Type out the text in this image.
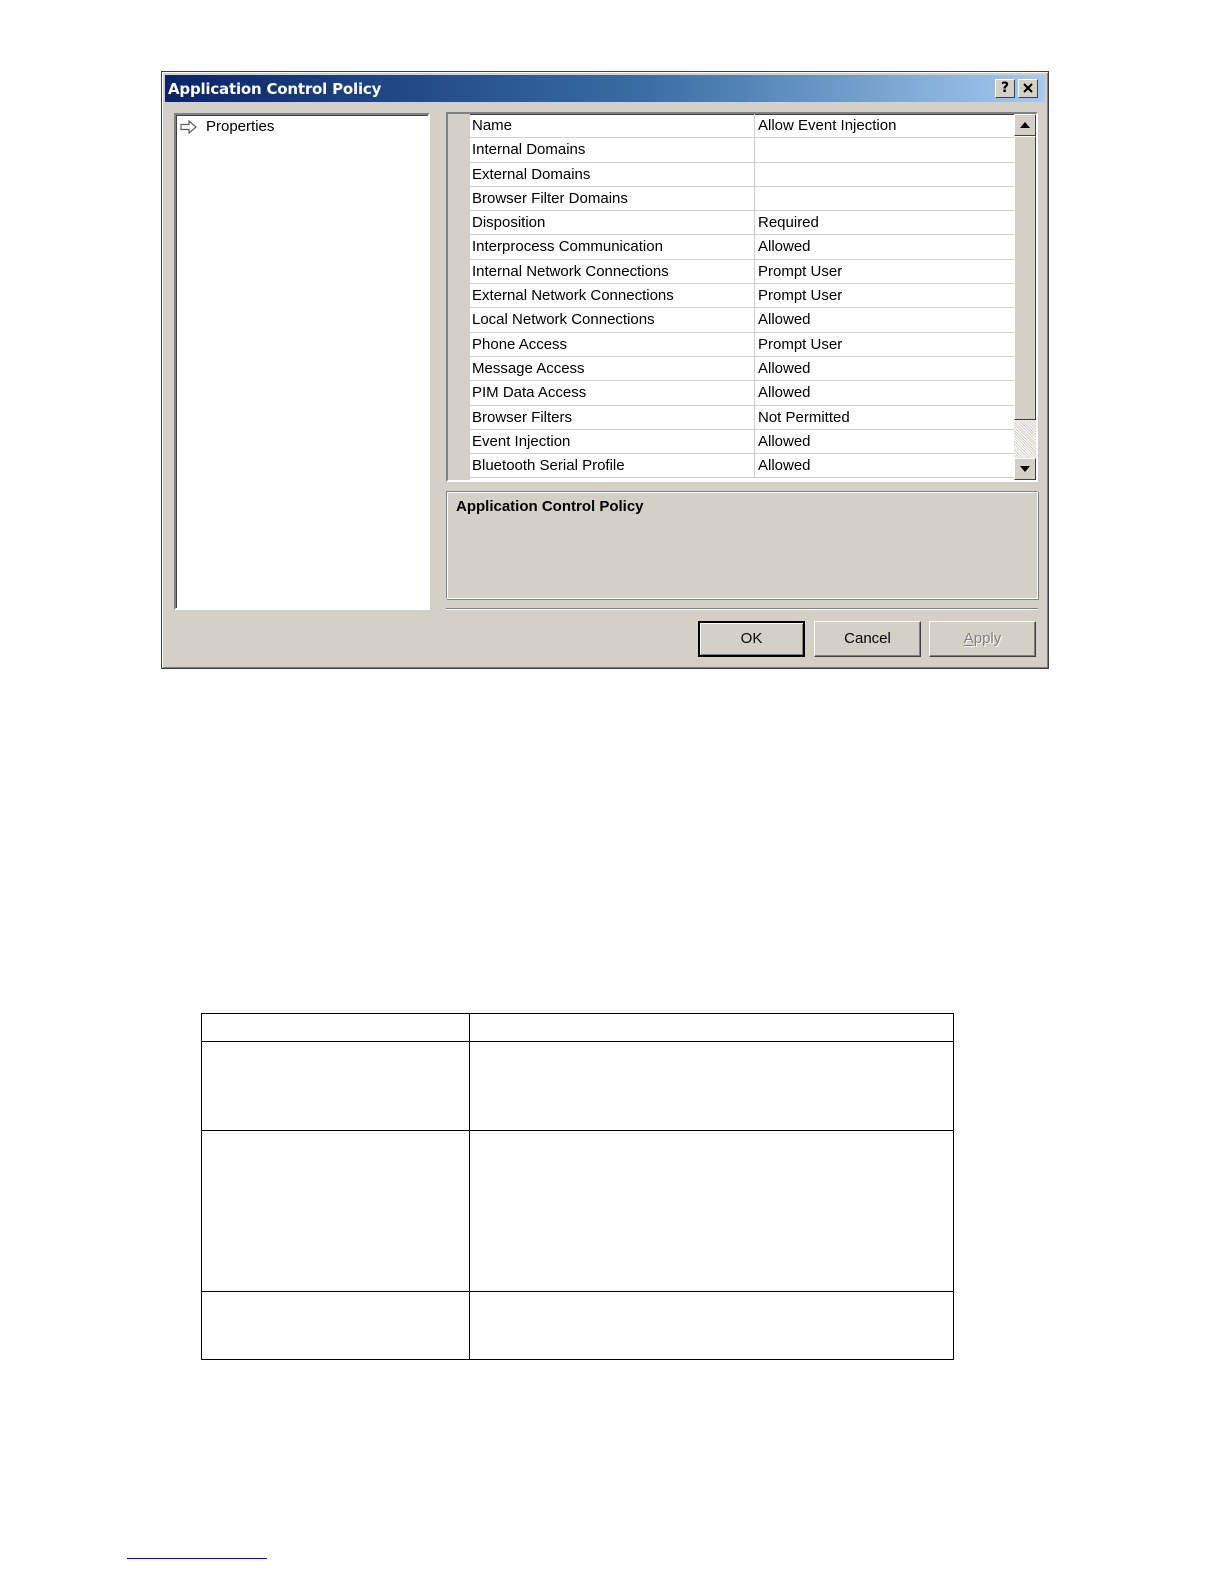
Application Control Policy	?
Properties	Name	Allow Event Injection
Internal Domains
External Domains
Browser Filter Domains
Disposition	Required
Interprocess Communication	Allowed
Internal Network Connections	Prompt User
External Network Connections	Prompt User
Local Network Connections	Allowed
Phone Access	Prompt User
Message Access	Allowed
PIM Data Access	Allowed
Browser Filters	Not Permitted
Event Injection	Allowed
Bluetooth Serial Profile	Allowed
Application Control Policy
OK	Cancel	Apply
